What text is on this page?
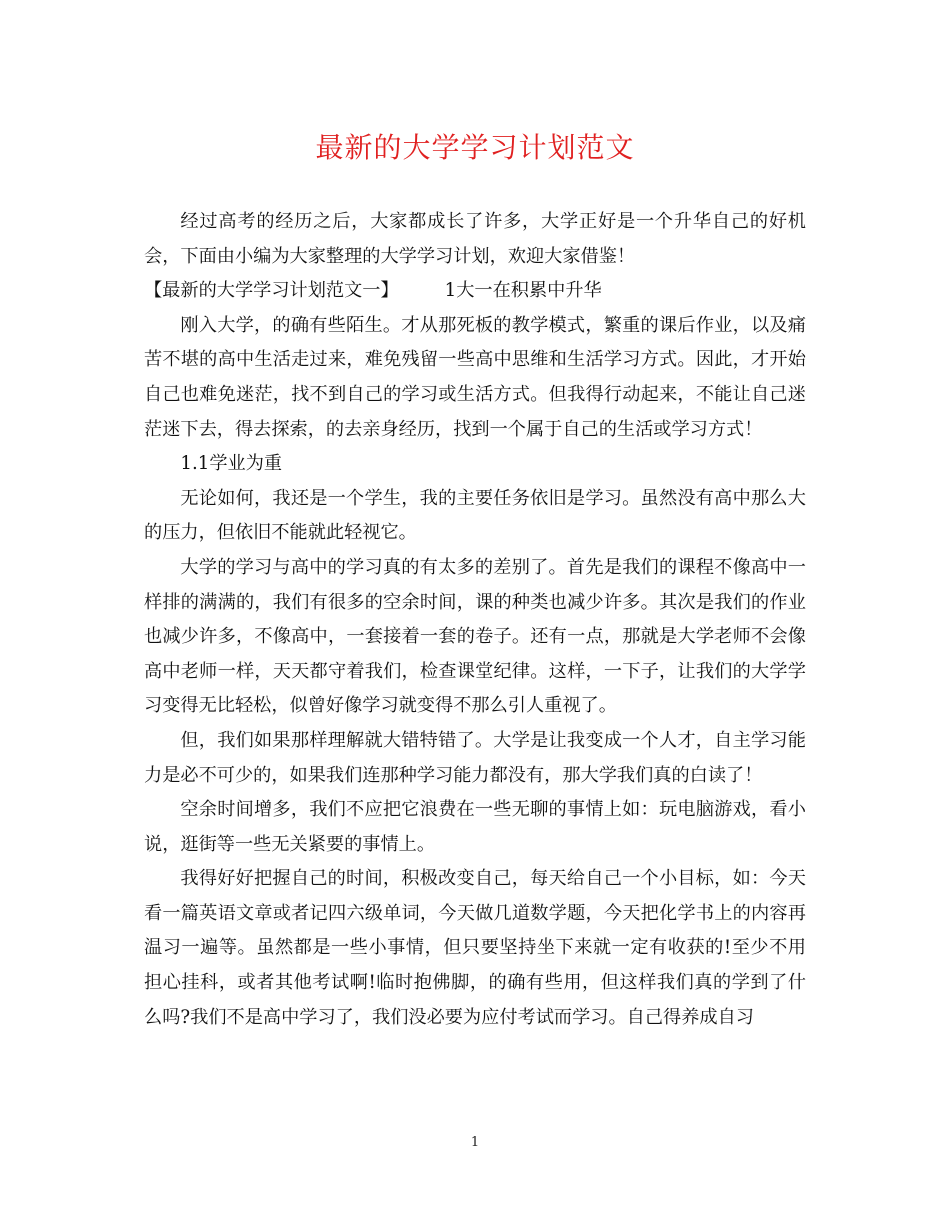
最新的大学学习计划范文

经过高考的经历之后，大家都成长了许多，大学正好是一个升华自己的好机会，下面由小编为大家整理的大学学习计划，欢迎大家借鉴！

【最新的大学学习计划范文一】	1大一在积累中升华

刚入大学，的确有些陌生。才从那死板的教学模式，繁重的课后作业，以及痛苦不堪的高中生活走过来，难免残留一些高中思维和生活学习方式。因此，才开始自己也难免迷茫，找不到自己的学习或生活方式。但我得行动起来，不能让自己迷茫迷下去，得去探索，的去亲身经历，找到一个属于自己的生活或学习方式！

1.1学业为重

无论如何，我还是一个学生，我的主要任务依旧是学习。虽然没有高中那么大的压力，但依旧不能就此轻视它。

大学的学习与高中的学习真的有太多的差别了。首先是我们的课程不像高中一样排的满满的，我们有很多的空余时间，课的种类也减少许多。其次是我们的作业也减少许多，不像高中，一套接着一套的卷子。还有一点，那就是大学老师不会像高中老师一样，天天都守着我们，检查课堂纪律。这样，一下子，让我们的大学学习变得无比轻松，似曾好像学习就变得不那么引人重视了。

但，我们如果那样理解就大错特错了。大学是让我变成一个人才，自主学习能力是必不可少的，如果我们连那种学习能力都没有，那大学我们真的白读了！

空余时间增多，我们不应把它浪费在一些无聊的事情上如：玩电脑游戏，看小说，逛街等一些无关紧要的事情上。

我得好好把握自己的时间，积极改变自己，每天给自己一个小目标，如：今天看一篇英语文章或者记四六级单词，今天做几道数学题，今天把化学书上的内容再温习一遍等。虽然都是一些小事情，但只要坚持坐下来就一定有收获的!至少不用担心挂科，或者其他考试啊!临时抱佛脚，的确有些用，但这样我们真的学到了什么吗?我们不是高中学习了，我们没必要为应付考试而学习。自己得养成自习

1
